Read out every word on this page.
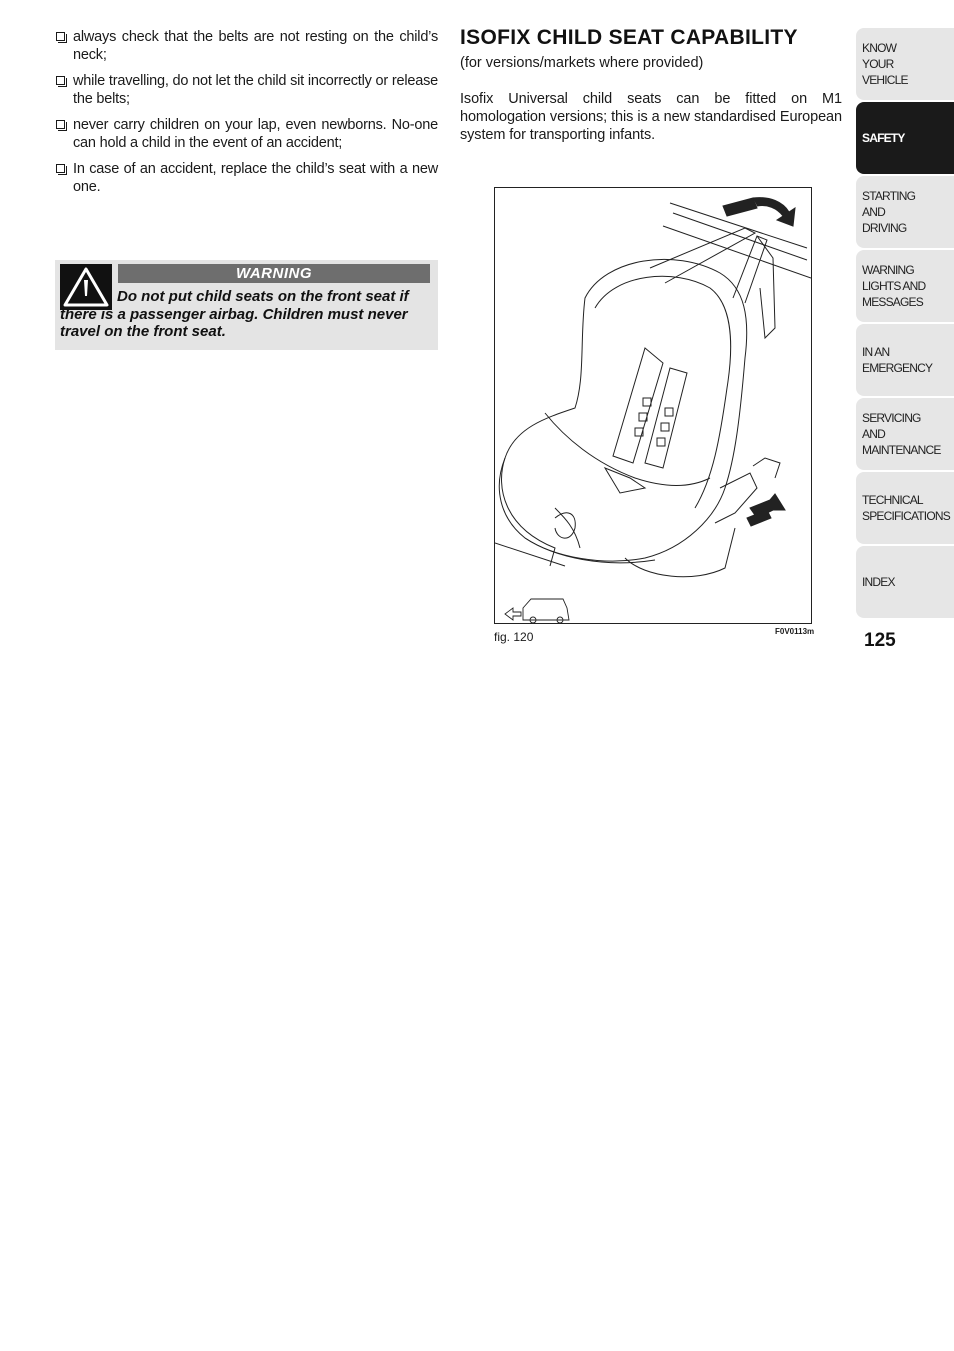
always check that the belts are not resting on the child’s neck;
while travelling, do not let the child sit incorrectly or release the belts;
never carry children on your lap, even newborns. No-one can hold a child in the event of an accident;
In case of an accident, replace the child’s seat with a new one.
WARNING
Do not put child seats on the front seat if there is a passenger airbag. Children must never travel on the front seat.
ISOFIX CHILD SEAT CAPABILITY
(for versions/markets where provided)
Isofix Universal child seats can be fitted on M1 homologation versions; this is a new standardised European system for transporting infants.
fig. 120	F0V0113m
KNOW
YOUR
VEHICLE
SAFETY
STARTING
AND
DRIVING
WARNING
LIGHTS AND
MESSAGES
IN AN
EMERGENCY
SERVICING
AND
MAINTENANCE
TECHNICAL
SPECIFICATIONS
INDEX
125
